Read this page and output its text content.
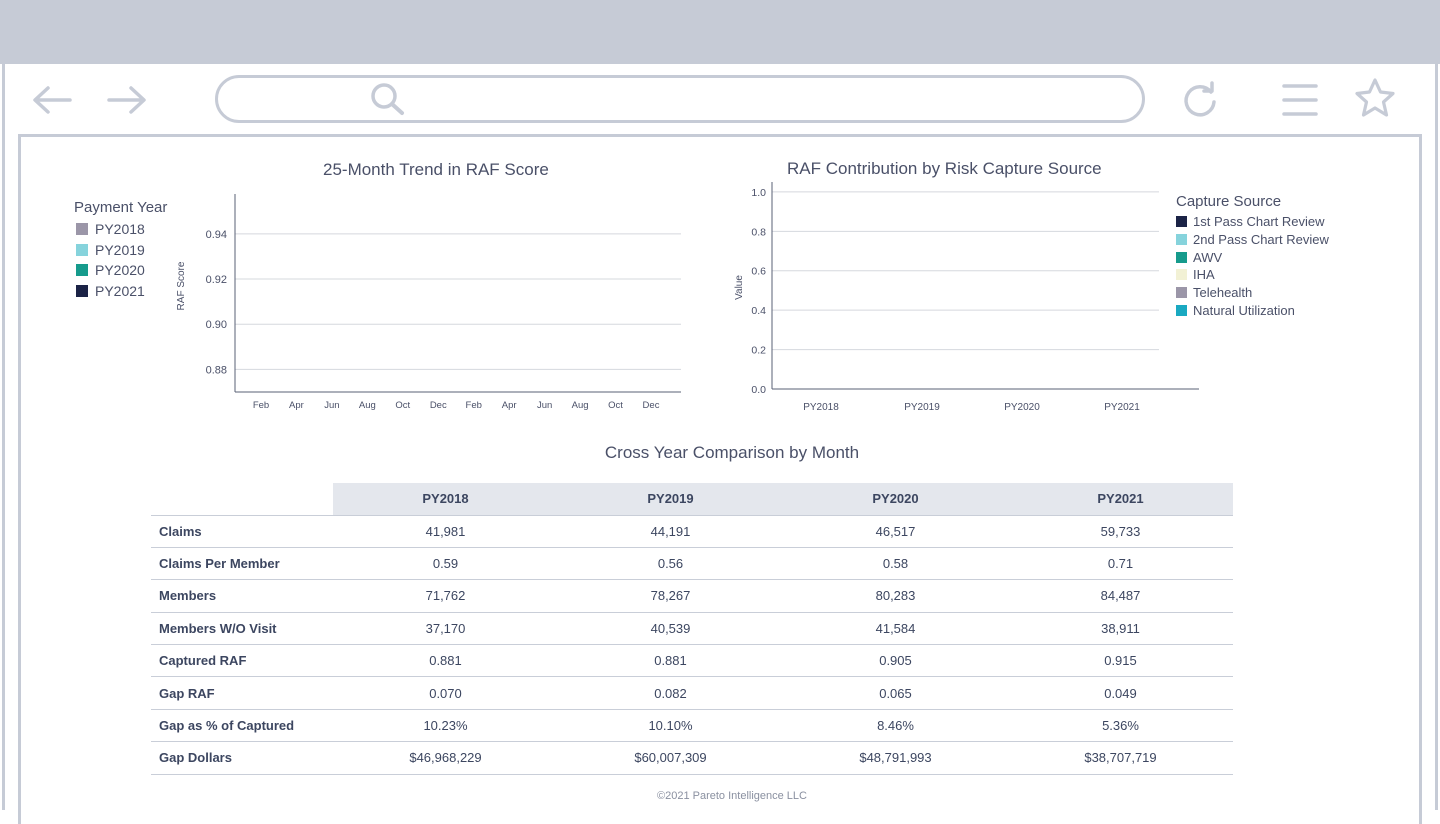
25-Month Trend in RAF Score
Payment Year
PY2018
PY2019
PY2020
PY2021
0.88
0.90
0.92
0.94
Feb Apr Jun Aug Oct Dec Feb Apr Jun Aug Oct Dec
RAF Score
RAF Contribution by Risk Capture Source
Capture Source
1st Pass Chart Review
2nd Pass Chart Review
AWV
IHA
Telehealth
Natural Utilization
0.0
0.2
0.4
0.6
0.8
1.0
PY2018	PY2019	PY2020	PY2021
Value
Cross Year Comparison by Month
	PY2018	PY2019	PY2020	PY2021
Claims	41,981	44,191	46,517	59,733
Claims Per Member	0.59	0.56	0.58	0.71
Members	71,762	78,267	80,283	84,487
Members W/O Visit	37,170	40,539	41,584	38,911
Captured RAF	0.881	0.881	0.905	0.915
Gap RAF	0.070	0.082	0.065	0.049
Gap as % of Captured	10.23%	10.10%	8.46%	5.36%
Gap Dollars	$46,968,229	$60,007,309	$48,791,993	$38,707,719
©2021 Pareto Intelligence LLC
